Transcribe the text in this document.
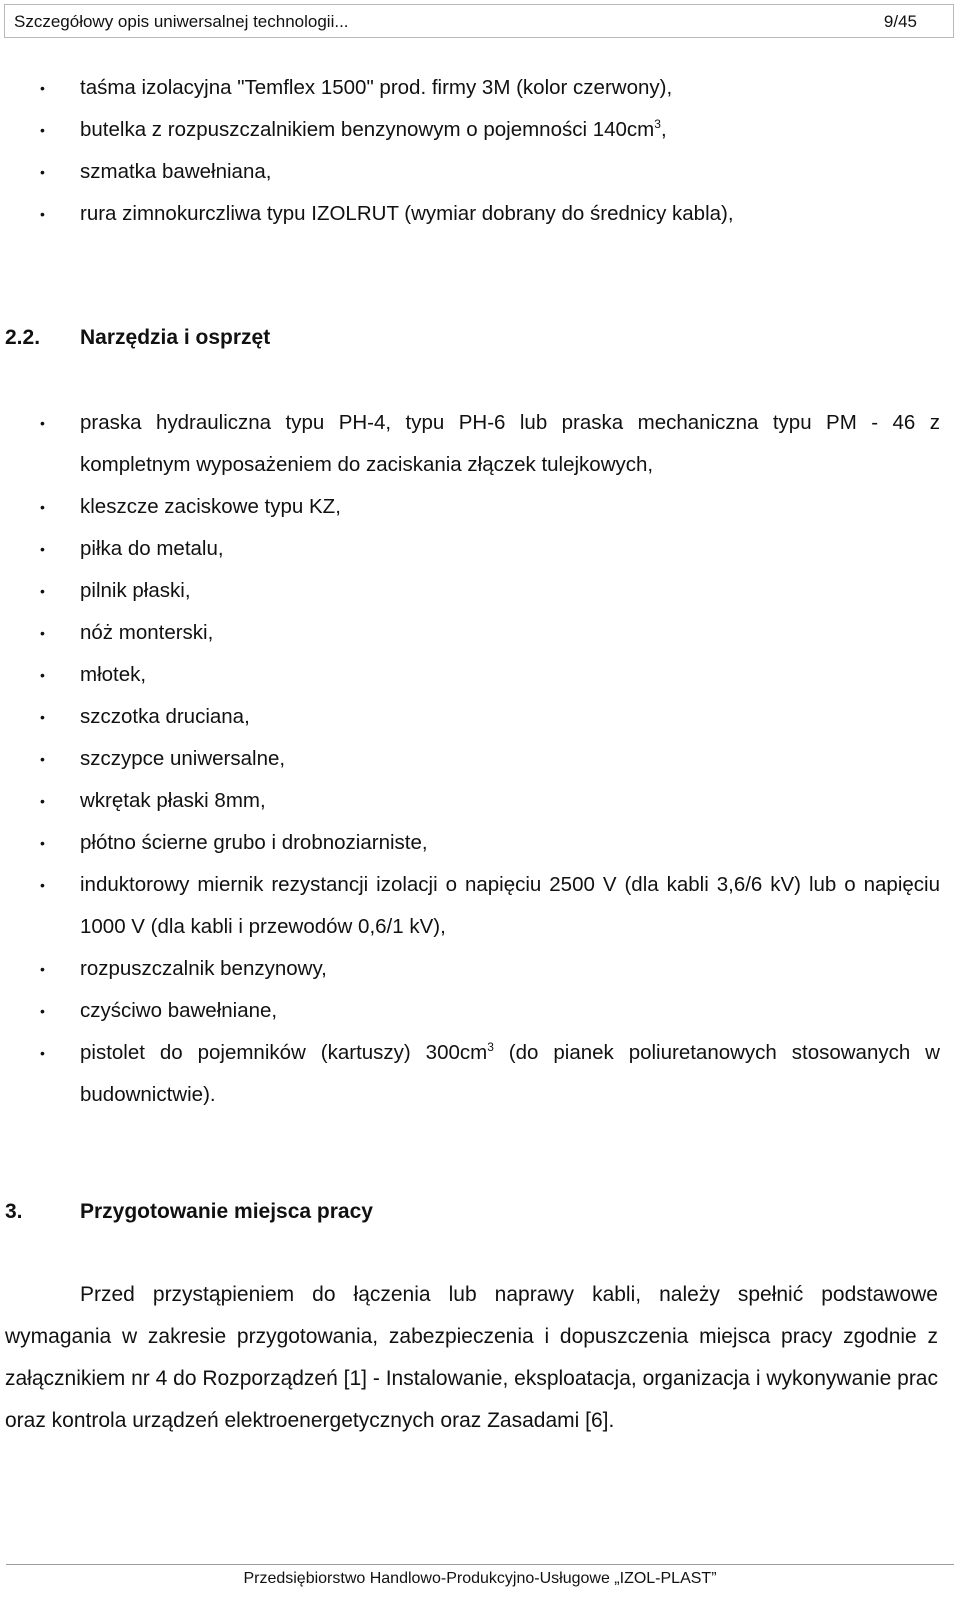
Szczegółowy opis uniwersalnej technologii...	9/45
• taśma izolacyjna "Temflex 1500" prod. firmy 3M (kolor czerwony),
• butelka z rozpuszczalnikiem benzynowym o pojemności $140cm^3$,
• szmatka bawełniana,
• rura zimnokurczliwa typu IZOLRUT (wymiar dobrany do średnicy kabla),
2.2. Narzędzia i osprzęt
• praska hydrauliczna typu PH-4, typu PH-6 lub praska mechaniczna typu PM - 46 z kompletnym wyposażeniem do zaciskania złączek tulejkowych,
• kleszcze zaciskowe typu KZ,
• piłka do metalu,
• pilnik płaski,
• nóż monterski,
• młotek,
• szczotka druciana,
• szczypce uniwersalne,
• wkrętak płaski 8mm,
• płótno ścierne grubo i drobnoziarniste,
• induktorowy miernik rezystancji izolacji o napięciu 2500 V (dla kabli 3,6/6 kV) lub o napięciu 1000 V (dla kabli i przewodów 0,6/1 kV),
• rozpuszczalnik benzynowy,
• czyściwo bawełniane,
• pistolet do pojemników (kartuszy) $300cm^3$ (do pianek poliuretanowych stosowanych w budownictwie).
3.	Przygotowanie miejsca pracy

Przed przystąpieniem do łączenia lub naprawy kabli, należy spełnić podstawowe wymagania w zakresie przygotowania, zabezpieczenia i dopuszczenia miejsca pracy zgodnie z załącznikiem nr 4 do Rozporządzeń [1] - Instalowanie, eksploatacja, organizacja i wykonywanie prac oraz kontrola urządzeń elektroenergetycznych oraz Zasadami [6].

Przedsiębiorstwo Handlowo-Produkcyjno-Usługowe „IZOL-PLAST”
